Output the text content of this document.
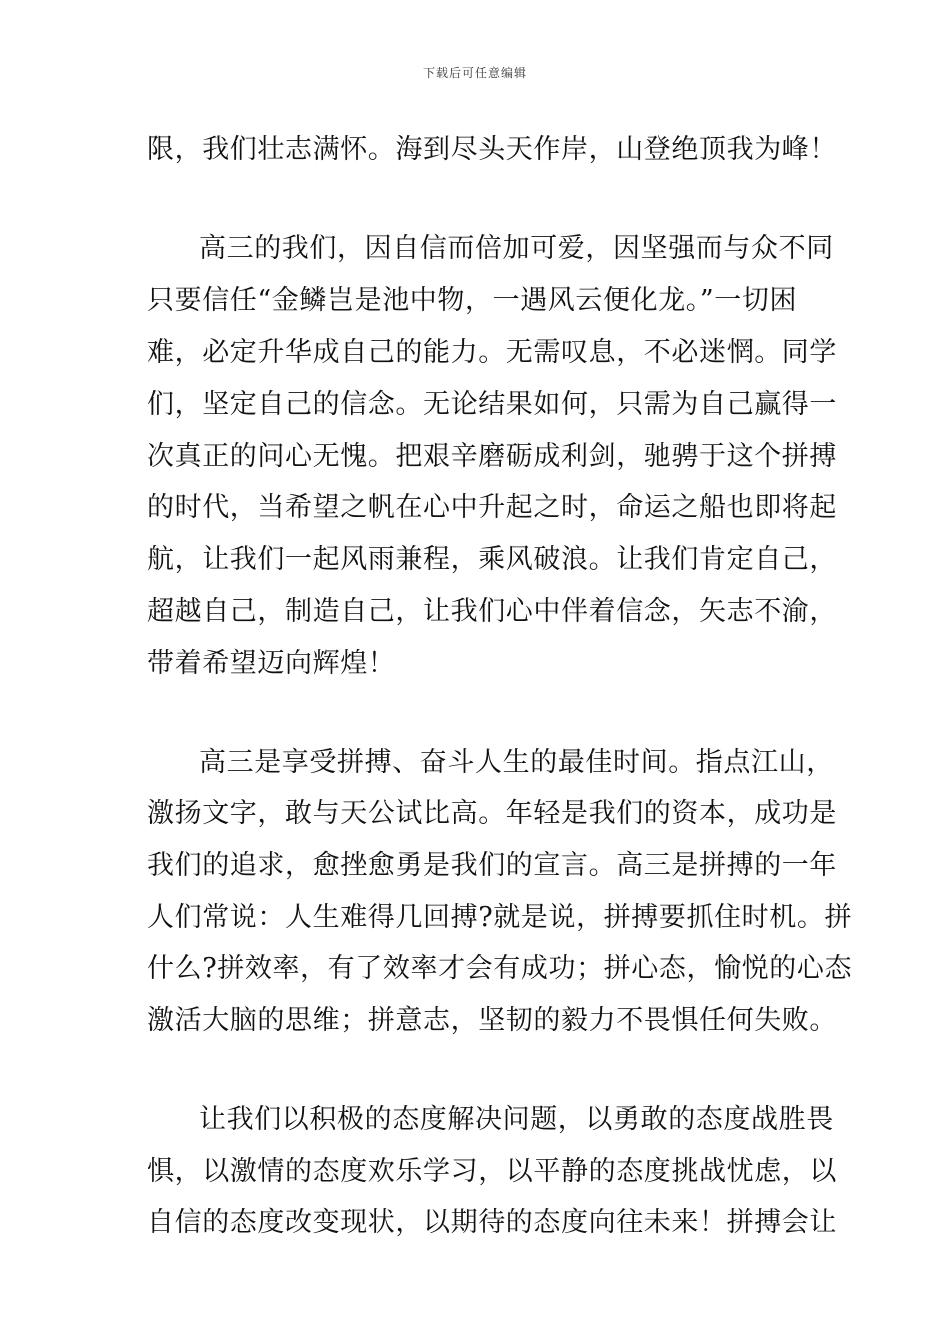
下载后可任意编辑
限，我们壮志满怀。海到尽头天作岸，山登绝顶我为峰！
高三的我们，因自信而倍加可爱，因坚强而与众不同
只要信任“金鳞岂是池中物，一遇风云便化龙。”一切困
难，必定升华成自己的能力。无需叹息，不必迷惘。同学
们，坚定自己的信念。无论结果如何，只需为自己赢得一
次真正的问心无愧。把艰辛磨砺成利剑，驰骋于这个拼搏
的时代，当希望之帆在心中升起之时，命运之船也即将起
航，让我们一起风雨兼程，乘风破浪。让我们肯定自己，
超越自己，制造自己，让我们心中伴着信念，矢志不渝，
带着希望迈向辉煌！
高三是享受拼搏、奋斗人生的最佳时间。指点江山，
激扬文字，敢与天公试比高。年轻是我们的资本，成功是
我们的追求，愈挫愈勇是我们的宣言。高三是拼搏的一年
人们常说：人生难得几回搏?就是说，拼搏要抓住时机。拼
什么?拼效率，有了效率才会有成功；拼心态，愉悦的心态
激活大脑的思维；拼意志，坚韧的毅力不畏惧任何失败。
让我们以积极的态度解决问题，以勇敢的态度战胜畏
惧，以激情的态度欢乐学习，以平静的态度挑战忧虑，以
自信的态度改变现状，以期待的态度向往未来！拼搏会让
